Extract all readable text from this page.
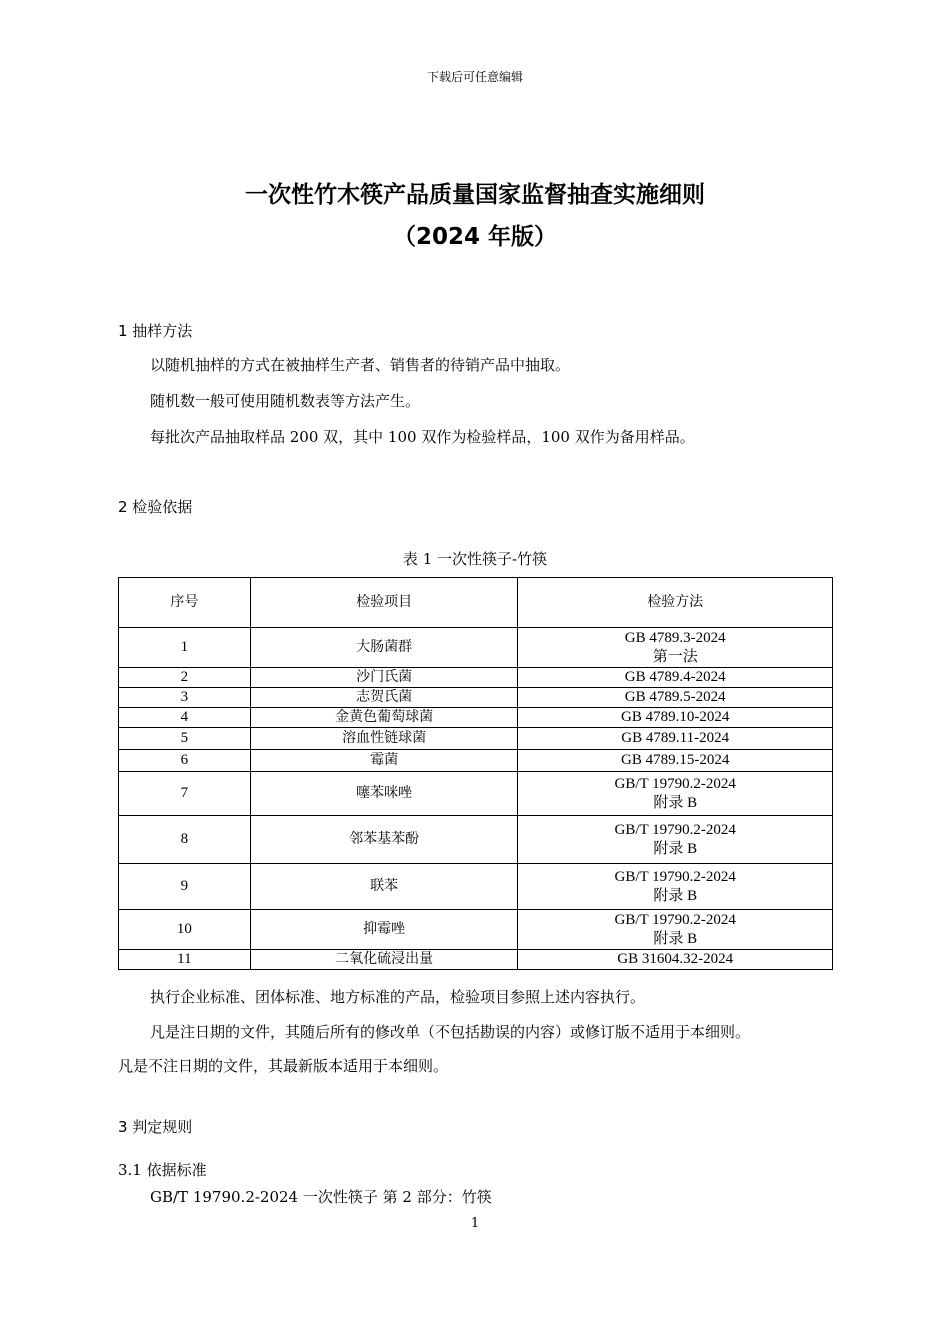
下载后可任意编辑
一次性竹木筷产品质量国家监督抽查实施细则
（2024 年版）
1 抽样方法
以随机抽样的方式在被抽样生产者、销售者的待销产品中抽取。
随机数一般可使用随机数表等方法产生。
每批次产品抽取样品 200 双，其中 100 双作为检验样品，100 双作为备用样品。
2 检验依据
表 1 一次性筷子-竹筷
序号	检验项目	检验方法
1	大肠菌群	GB 4789.3-2024
第一法

2	沙门氏菌	GB 4789.4-2024

3	志贺氏菌	GB 4789.5-2024

4	金黄色葡萄球菌	GB 4789.10-2024

5	溶血性链球菌	GB 4789.11-2024

6	霉菌	GB 4789.15-2024

7	噻苯咪唑	GB/T 19790.2-2024
附录 B

8	邻苯基苯酚	GB/T 19790.2-2024
附录 B

9	联苯	GB/T 19790.2-2024
附录 B

10	抑霉唑	GB/T 19790.2-2024
附录 B

11	二氧化硫浸出量	GB 31604.32-2024
执行企业标准、团体标准、地方标准的产品，检验项目参照上述内容执行。
凡是注日期的文件，其随后所有的修改单（不包括勘误的内容）或修订版不适用于本细则。
凡是不注日期的文件，其最新版本适用于本细则。
3 判定规则
3.1 依据标准
GB/T 19790.2-2024 一次性筷子 第 2 部分：竹筷
1
